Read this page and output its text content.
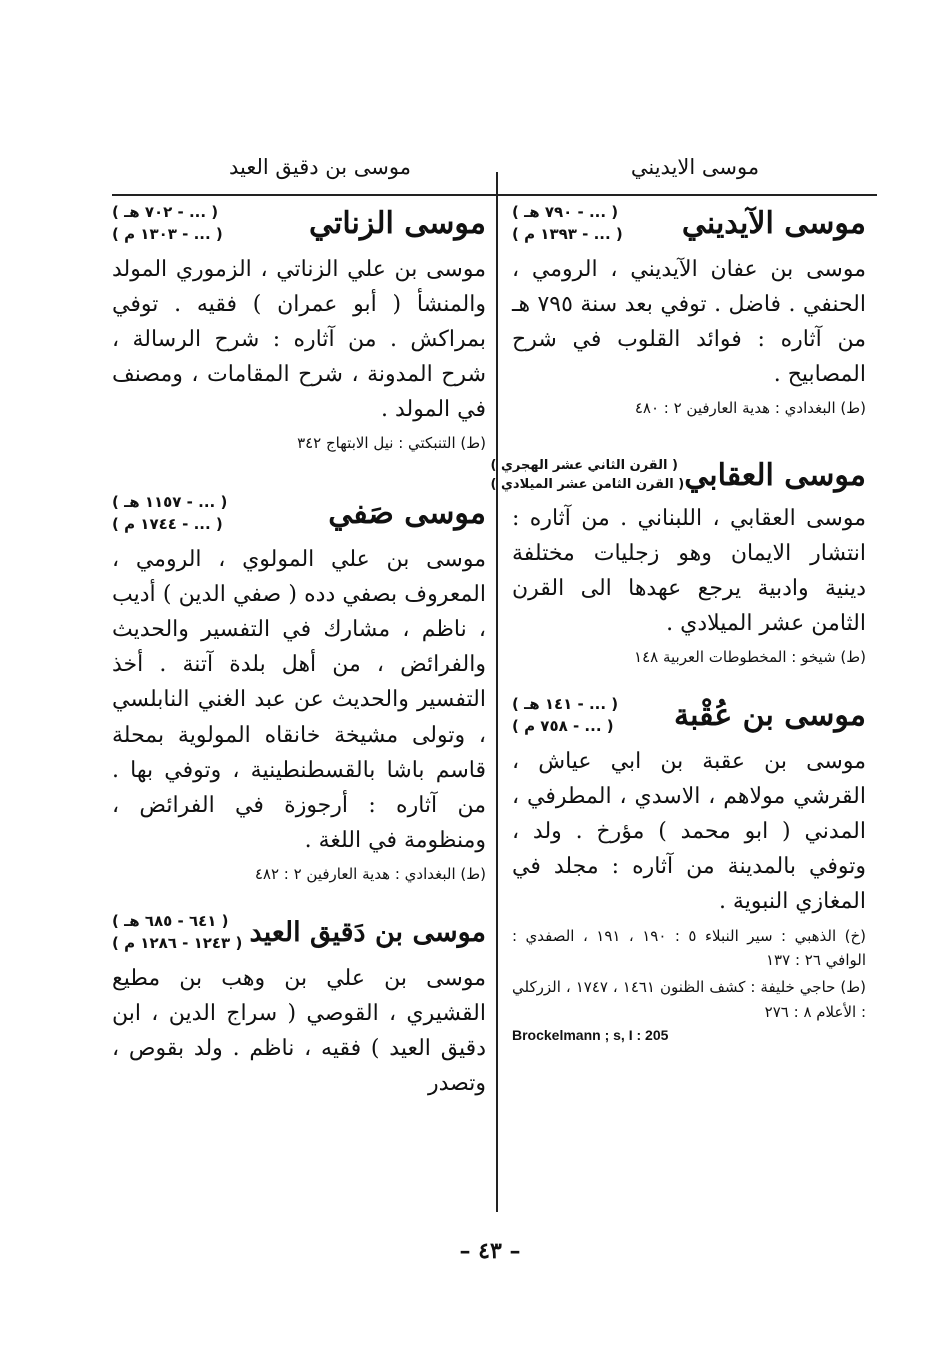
موسى الايديني
موسى بن دقيق العيد
موسى الآيديني
( ... - ٧٩٠ هـ )
( ... - ١٣٩٣ م )

موسى بن عفان الآيديني ، الرومي ، الحنفي . فاضل . توفي بعد سنة ٧٩٥ هـ من آثاره : فوائد القلوب في شرح المصابيح .

(ط) البغدادي : هدية العارفين ٢ : ٤٨٠

موسى العقابي
( القرن الثاني عشر الهجري )
( القرن الثامن عشر الميلادي )

موسى العقابي ، اللبناني . من آثاره : انتشار الايمان وهو زجليات مختلفة دينية وادبية يرجع عهدها الى القرن الثامن عشر الميلادي .

(ط) شيخو : المخطوطات العربية ١٤٨

موسى بن عُقْبة
( ... - ١٤١ هـ )
( ... - ٧٥٨ م )

موسى بن عقبة بن ابي عياش ، القرشي مولاهم ، الاسدي ، المطرفي ، المدني ( ابو محمد ) مؤرخ . ولد ، وتوفي بالمدينة من آثاره : مجلد في المغازي النبوية .

(خ) الذهبي : سير النبلاء ٥ : ١٩٠ ، ١٩١ ، الصفدي : الوافي ٢٦ : ١٣٧

(ط) حاجي خليفة : كشف الظنون ١٤٦١ ، ١٧٤٧ ، الزركلي : الأعلام ٨ : ٢٧٦

Brockelmann ; s, I : 205
موسى الزناتي
( ... - ٧٠٢ هـ )
( ... - ١٣٠٣ م )

موسى بن علي الزناتي ، الزموري المولد والمنشأ ( أبو عمران ) فقيه . توفي بمراكش . من آثاره : شرح الرسالة ، شرح المدونة ، شرح المقامات ، ومصنف في المولد .

(ط) التنبكتي : نيل الابتهاج ٣٤٢

موسى صَفي
( ... - ١١٥٧ هـ )
( ... - ١٧٤٤ م )

موسى بن علي المولوي ، الرومي ، المعروف بصفي دده ( صفي الدين ) أديب ، ناظم ، مشارك في التفسير والحديث والفرائض ، من أهل بلدة آتنة . أخذ التفسير والحديث عن عبد الغني النابلسي ، وتولى مشيخة خانقاه المولوية بمحلة قاسم باشا بالقسطنطينية ، وتوفي بها . من آثاره : أرجوزة في الفرائض ، ومنظومة في اللغة .

(ط) البغدادي : هدية العارفين ٢ : ٤٨٢

موسى بن دَقيق العيد
( ٦٤١ - ٦٨٥ هـ )
( ١٢٤٣ - ١٢٨٦ م )

موسى بن علي بن وهب بن مطيع القشيري ، القوصي ( سراج الدين ، ابن دقيق العيد ) فقيه ، ناظم . ولد بقوص ، وتصدر

– ٤٣ –
